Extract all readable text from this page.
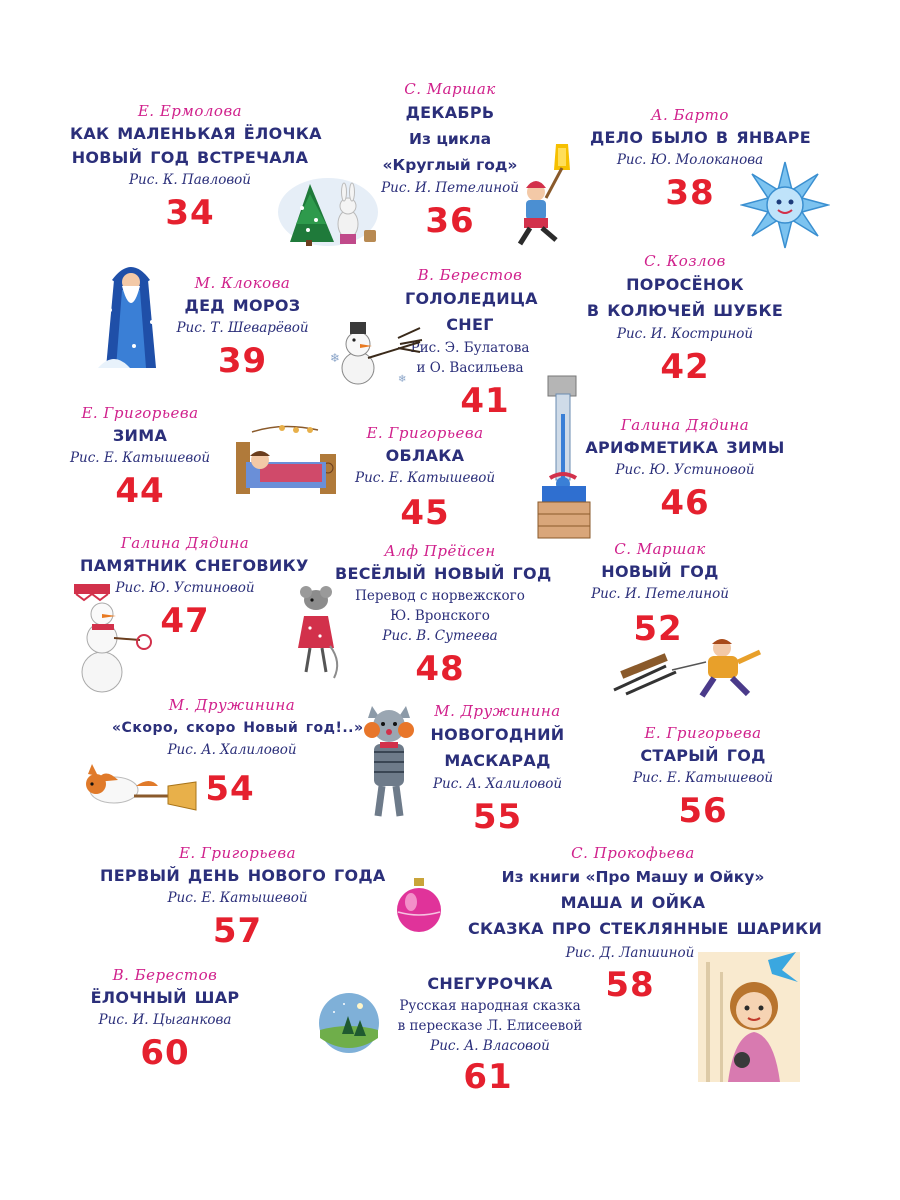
Е. Ермолова
КАК МАЛЕНЬКАЯ ЁЛОЧКА
НОВЫЙ ГОД ВСТРЕЧАЛА
Рис. К. Павловой
34
С. Маршак
ДЕКАБРЬ
Из цикла
«Круглый год»
Рис. И. Петелиной
36
А. Барто
ДЕЛО БЫЛО В ЯНВАРЕ
Рис. Ю. Молоканова
38
М. Клокова
ДЕД МОРОЗ
Рис. Т. Шеварёвой
39
В. Берестов
ГОЛОЛЕДИЦА
СНЕГ
Рис. Э. Булатова
и О. Васильева
41
С. Козлов
ПОРОСЁНОК
В КОЛЮЧЕЙ ШУБКЕ
Рис. И. Костриной
42
Е. Григорьева
ЗИМА
Рис. Е. Катышевой
44
Е. Григорьева
ОБЛАКА
Рис. Е. Катышевой
45
Галина Дядина
АРИФМЕТИКА ЗИМЫ
Рис. Ю. Устиновой
46
Галина Дядина
ПАМЯТНИК СНЕГОВИКУ
Рис. Ю. Устиновой
47
Алф Прёйсен
ВЕСЁЛЫЙ НОВЫЙ ГОД
Перевод с норвежского
Ю. Вронского
Рис. В. Сутеева
48
С. Маршак
НОВЫЙ ГОД
Рис. И. Петелиной
52
М. Дружинина
«Скоро, скоро Новый год!..»
Рис. А. Халиловой
54
М. Дружинина
НОВОГОДНИЙ
МАСКАРАД
Рис. А. Халиловой
55
Е. Григорьева
СТАРЫЙ ГОД
Рис. Е. Катышевой
56
Е. Григорьева
ПЕРВЫЙ ДЕНЬ НОВОГО ГОДА
Рис. Е. Катышевой
57
С. Прокофьева
Из книги «Про Машу и Ойку»
МАША И ОЙКА
СКАЗКА ПРО СТЕКЛЯННЫЕ ШАРИКИ
Рис. Д. Лапшиной
58
В. Берестов
ЁЛОЧНЫЙ ШАР
Рис. И. Цыганкова
60
СНЕГУРОЧКА
Русская народная сказка
в пересказе Л. Елисеевой
Рис. А. Власовой
61
❄
❄
